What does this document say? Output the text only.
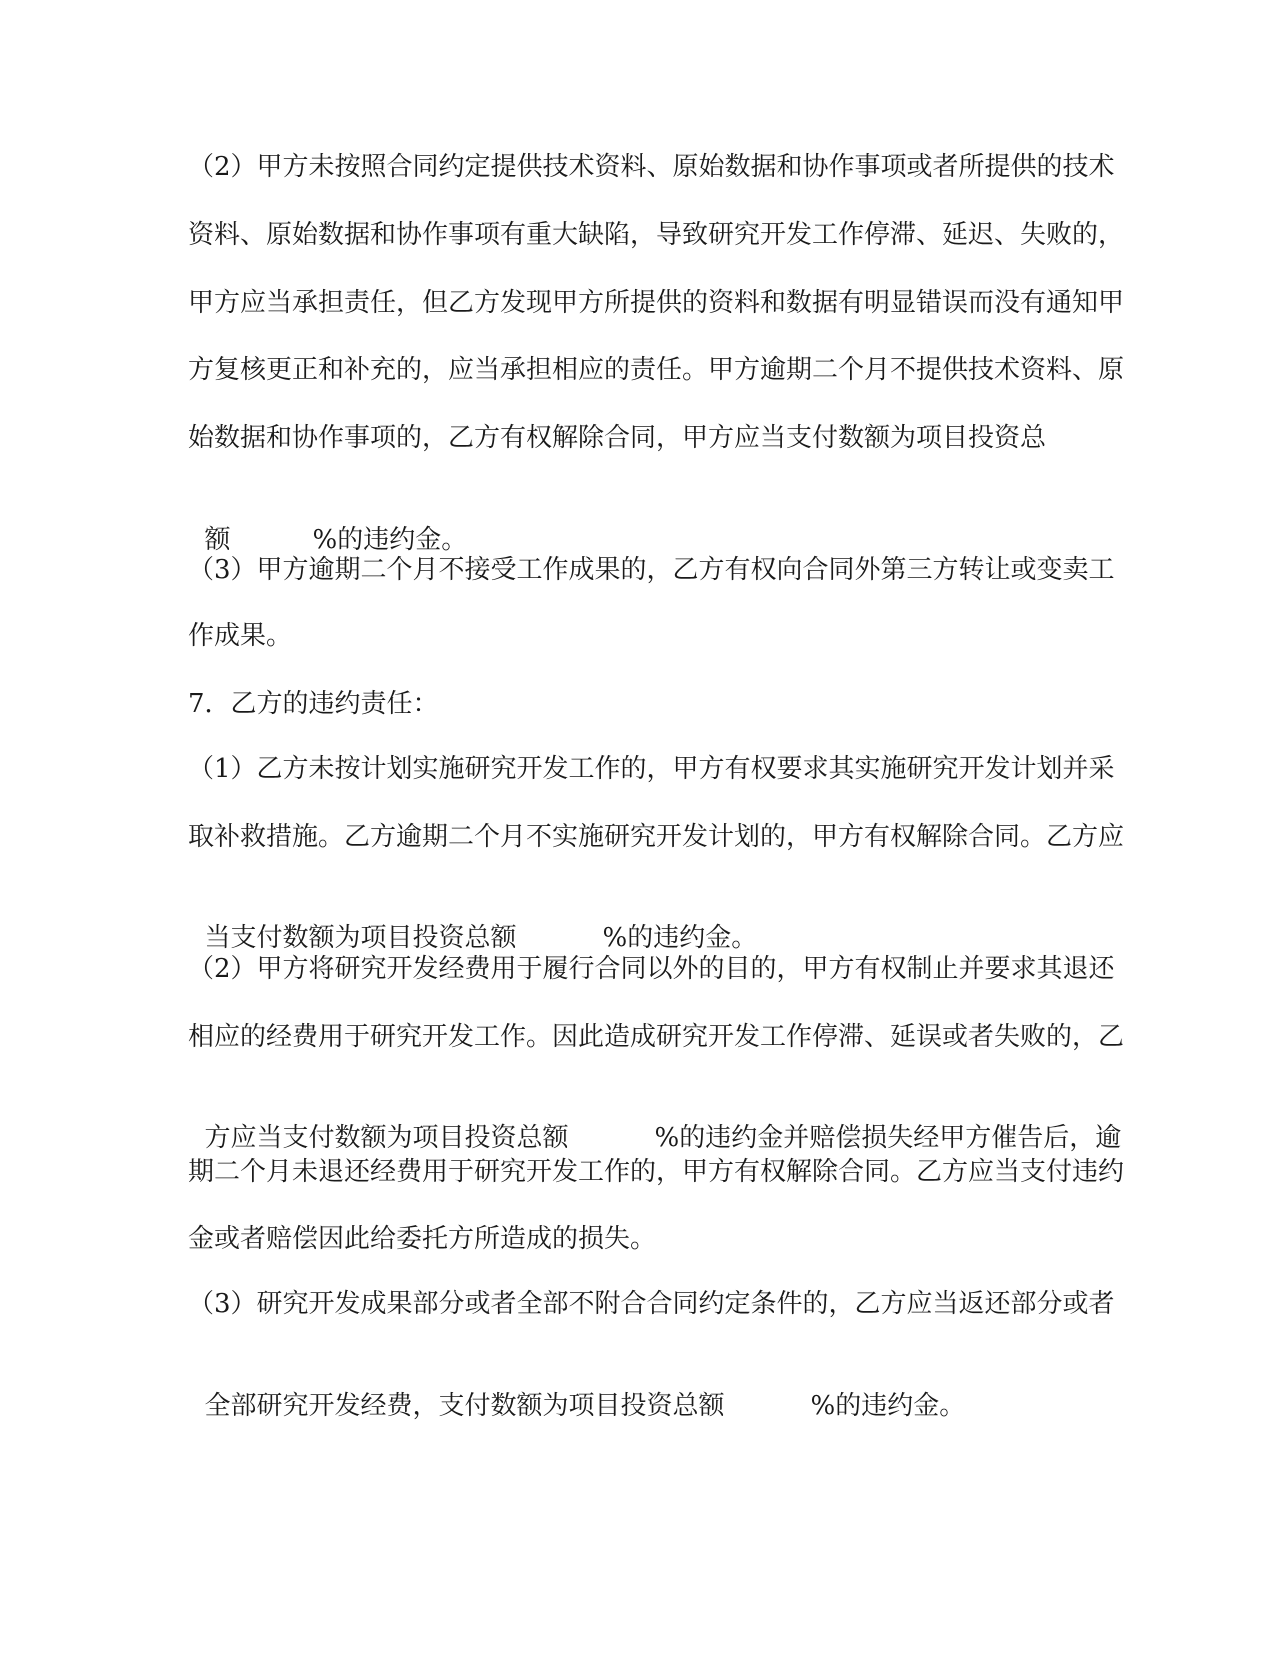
（2）甲方未按照合同约定提供技术资料、原始数据和协作事项或者所提供的技术
资料、原始数据和协作事项有重大缺陷，导致研究开发工作停滞、延迟、失败的，
甲方应当承担责任，但乙方发现甲方所提供的资料和数据有明显错误而没有通知甲
方复核更正和补充的，应当承担相应的责任。甲方逾期二个月不提供技术资料、原
始数据和协作事项的，乙方有权解除合同，甲方应当支付数额为项目投资总

额	%的违约金。

（3）甲方逾期二个月不接受工作成果的，乙方有权向合同外第三方转让或变卖工
作成果。
7．乙方的违约责任：
（1）乙方未按计划实施研究开发工作的，甲方有权要求其实施研究开发计划并采
取补救措施。乙方逾期二个月不实施研究开发计划的，甲方有权解除合同。乙方应

当支付数额为项目投资总额	%的违约金。

（2）甲方将研究开发经费用于履行合同以外的目的，甲方有权制止并要求其退还
相应的经费用于研究开发工作。因此造成研究开发工作停滞、延误或者失败的，乙

方应当支付数额为项目投资总额	%的违约金并赔偿损失经甲方催告后，逾

期二个月未退还经费用于研究开发工作的，甲方有权解除合同。乙方应当支付违约
金或者赔偿因此给委托方所造成的损失。
（3）研究开发成果部分或者全部不附合合同约定条件的，乙方应当返还部分或者

全部研究开发经费，支付数额为项目投资总额	%的违约金。
